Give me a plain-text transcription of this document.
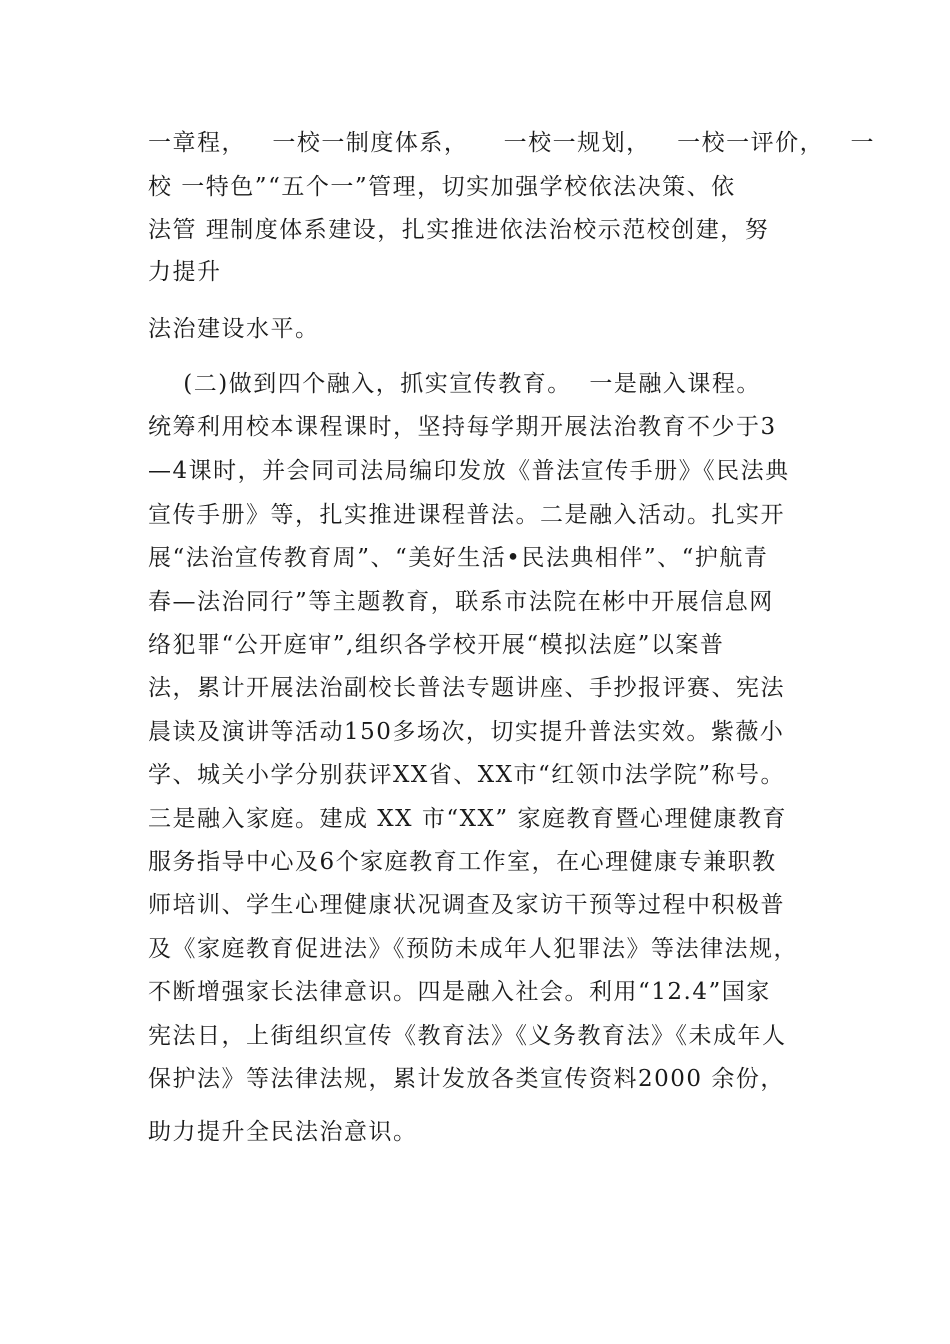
一章程，   一校一制度体系，    一校一规划，   一校一评价，   一
校 一特色”“五个一”管理，切实加强学校依法决策、依
法管 理制度体系建设，扎实推进依法治校示范校创建，努
力提升
法治建设水平。
(二)做到四个融入，抓实宣传教育。  一是融入课程。
统筹利用校本课程课时，坚持每学期开展法治教育不少于3
—4课时，并会同司法局编印发放《普法宣传手册》《民法典
宣传手册》等，扎实推进课程普法。二是融入活动。扎实开
展“法治宣传教育周”、“美好生活•民法典相伴”、“护航青
春—法治同行”等主题教育，联系市法院在彬中开展信息网
络犯罪“公开庭审”,组织各学校开展“模拟法庭”以案普
法，累计开展法治副校长普法专题讲座、手抄报评赛、宪法
晨读及演讲等活动150多场次，切实提升普法实效。紫薇小
学、城关小学分别获评XX省、XX市“红领巾法学院”称号。
三是融入家庭。建成 XX 市“XX” 家庭教育暨心理健康教育
服务指导中心及6个家庭教育工作室，在心理健康专兼职教
师培训、学生心理健康状况调查及家访干预等过程中积极普
及《家庭教育促进法》《预防未成年人犯罪法》等法律法规，
不断增强家长法律意识。四是融入社会。利用“12.4”国家
宪法日，上街组织宣传《教育法》《义务教育法》《未成年人
保护法》等法律法规，累计发放各类宣传资料2000 余份，
助力提升全民法治意识。
